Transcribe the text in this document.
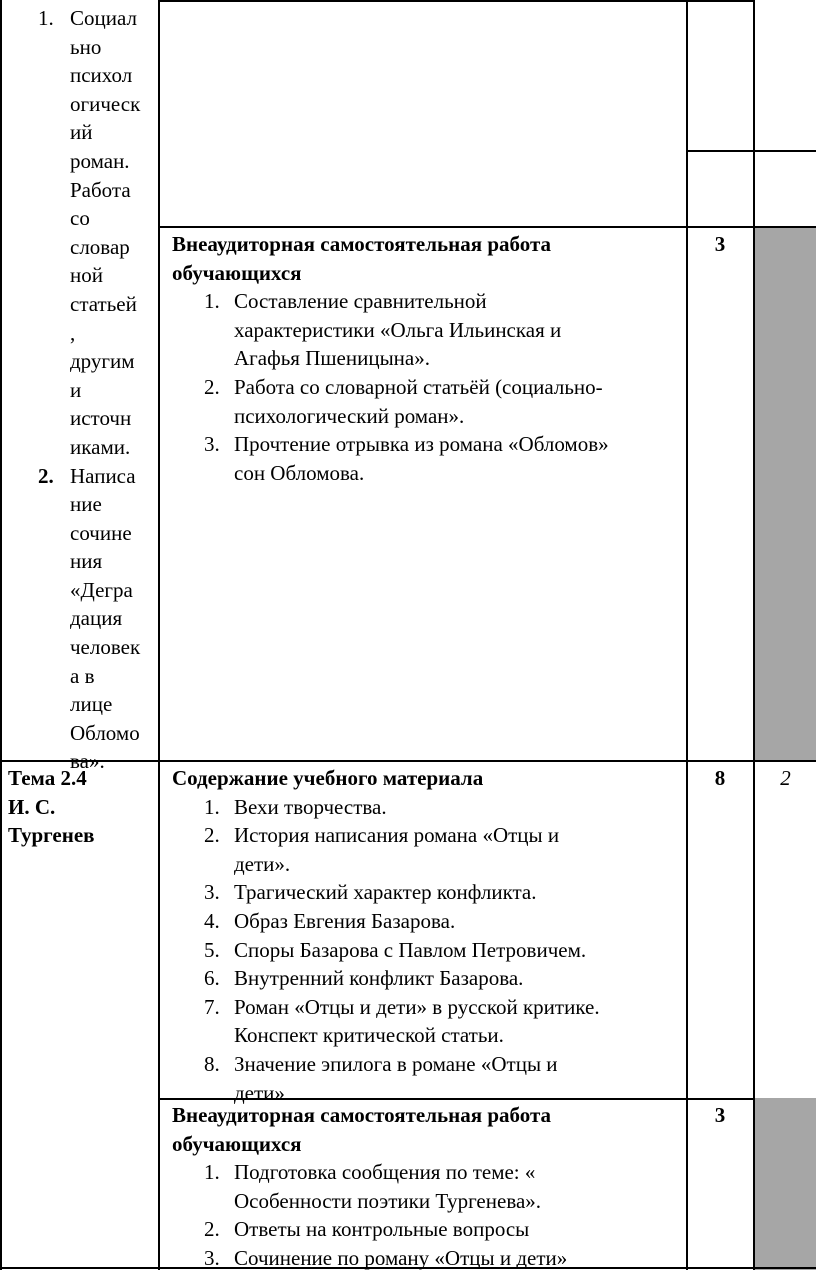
1. Социал
ьно
психол
огическ
ий
роман.
Работа
со
словар
ной
статьей
,
другим
и
источн
иками.
2. Написа
ние
сочине
ния
«Дегра
дация
человек
а в
лице
Обломо
ва».
Внеаудиторная самостоятельная работа
обучающихся
1. Составление сравнительной
характеристики «Ольга Ильинская и
Агафья Пшеницына».
2. Работа со словарной статьёй (социально-
психологический роман».
3. Прочтение отрывка из романа «Обломов»
сон Обломова.
3
Тема 2.4
И. С.
Тургенев
Содержание учебного материала
1. Вехи творчества.
2. История написания романа «Отцы и
дети».
3. Трагический характер конфликта.
4. Образ Евгения Базарова.
5. Споры Базарова с Павлом Петровичем.
6. Внутренний конфликт Базарова.
7. Роман «Отцы и дети» в русской критике.
Конспект критической статьи.
8. Значение эпилога в романе «Отцы и
дети»
8	2
Внеаудиторная самостоятельная работа
обучающихся
1. Подготовка сообщения по теме: «
Особенности поэтики Тургенева».
2. Ответы на контрольные вопросы
3. Сочинение по роману «Отцы и дети»
3
